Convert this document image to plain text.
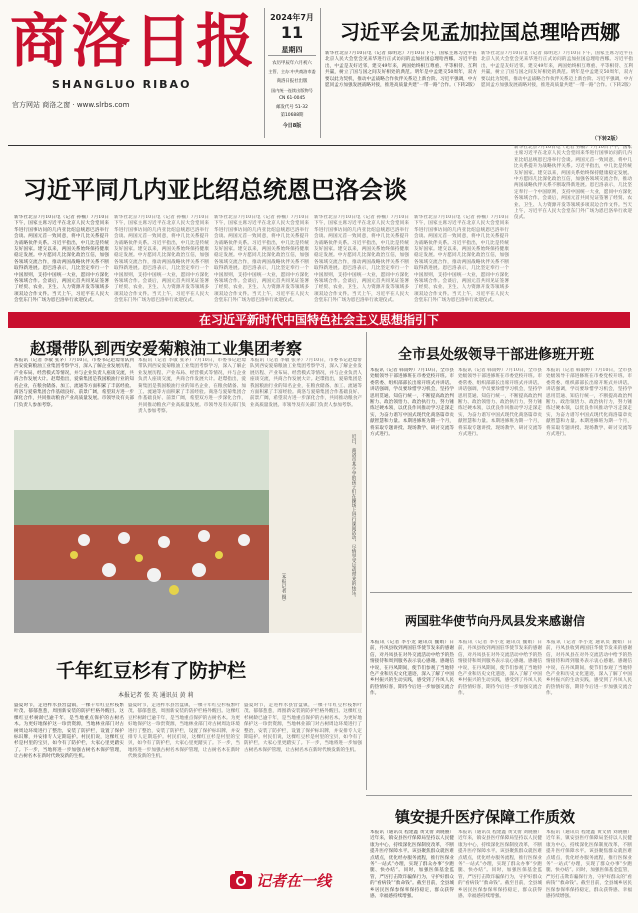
商洛日报
SHANGLUO RIBAO
官方网站 商洛之窗 · www.slrbs.com
2024年7月
11
星期四
农历甲辰年六月初六
主管、主办:中共商洛市委
商洛日报社出版
国内统一连续出版物号
CN 61-0045
邮发代号 51-32
第10688期
今日8版
习近平会见孟加拉国总理哈西娜
新华社北京7月10日电（记者 郑明达）7月10日下午，国家主席习近平在北京人民大会堂会见来华进行正式访问的孟加拉国总理哈西娜。习近平指出，中孟是友好近邻，建交49年来，两国始终相互尊重、平等相待、互利共赢，树立了国与国之间友好相处的典范。明年是中孟建交50周年，双方要以此为契机，推动中孟战略合作伙伴关系迈上新台阶。习近平强调，中方愿同孟方加强发展战略对接，推进高质量共建“一带一路”合作。（下转2版）
新华社北京7月10日电（记者 郑明达）7月10日下午，国家主席习近平在北京人民大会堂会见来华进行正式访问的孟加拉国总理哈西娜。习近平指出，中孟是友好近邻，建交49年来，两国始终相互尊重、平等相待、互利共赢，树立了国与国之间友好相处的典范。明年是中孟建交50周年，双方要以此为契机，推动中孟战略合作伙伴关系迈上新台阶。习近平强调，中方愿同孟方加强发展战略对接，推进高质量共建“一带一路”合作。（下转2版）
（下转2版）
习近平同几内亚比绍总统恩巴洛会谈
新华社北京7月10日电（记者 孙楠）7月10日下午，国家主席习近平在北京人民大会堂同来华进行国事访问的几内亚比绍总统恩巴洛举行会谈。两国元首一致同意，将中几比关系提升为战略伙伴关系。习近平指出，中几比是传统友好国家。建交以来，两国关系始终保持健康稳定发展。中方愿同几比深化政治互信，加强各领域交流合作，推动两国战略伙伴关系不断取得新进展。恩巴洛表示，几比坚定奉行一个中国原则，支持中国统一大业，愿同中方深化各领域合作。会谈后，两国元首共同见证签署了经贸、农业、卫生、人力资源开发等领域多项双边合作文件。当天上午，习近平在人民大会堂东门外广场为恩巴洛举行欢迎仪式。
新华社北京7月10日电（记者 孙楠）7月10日下午，国家主席习近平在北京人民大会堂同来华进行国事访问的几内亚比绍总统恩巴洛举行会谈。两国元首一致同意，将中几比关系提升为战略伙伴关系。习近平指出，中几比是传统友好国家。建交以来，两国关系始终保持健康稳定发展。中方愿同几比深化政治互信，加强各领域交流合作，推动两国战略伙伴关系不断取得新进展。恩巴洛表示，几比坚定奉行一个中国原则，支持中国统一大业，愿同中方深化各领域合作。会谈后，两国元首共同见证签署了经贸、农业、卫生、人力资源开发等领域多项双边合作文件。当天上午，习近平在人民大会堂东门外广场为恩巴洛举行欢迎仪式。
新华社北京7月10日电（记者 孙楠）7月10日下午，国家主席习近平在北京人民大会堂同来华进行国事访问的几内亚比绍总统恩巴洛举行会谈。两国元首一致同意，将中几比关系提升为战略伙伴关系。习近平指出，中几比是传统友好国家。建交以来，两国关系始终保持健康稳定发展。中方愿同几比深化政治互信，加强各领域交流合作，推动两国战略伙伴关系不断取得新进展。恩巴洛表示，几比坚定奉行一个中国原则，支持中国统一大业，愿同中方深化各领域合作。会谈后，两国元首共同见证签署了经贸、农业、卫生、人力资源开发等领域多项双边合作文件。当天上午，习近平在人民大会堂东门外广场为恩巴洛举行欢迎仪式。
新华社北京7月10日电（记者 孙楠）7月10日下午，国家主席习近平在北京人民大会堂同来华进行国事访问的几内亚比绍总统恩巴洛举行会谈。两国元首一致同意，将中几比关系提升为战略伙伴关系。习近平指出，中几比是传统友好国家。建交以来，两国关系始终保持健康稳定发展。中方愿同几比深化政治互信，加强各领域交流合作，推动两国战略伙伴关系不断取得新进展。恩巴洛表示，几比坚定奉行一个中国原则，支持中国统一大业，愿同中方深化各领域合作。会谈后，两国元首共同见证签署了经贸、农业、卫生、人力资源开发等领域多项双边合作文件。当天上午，习近平在人民大会堂东门外广场为恩巴洛举行欢迎仪式。
新华社北京7月10日电（记者 孙楠）7月10日下午，国家主席习近平在北京人民大会堂同来华进行国事访问的几内亚比绍总统恩巴洛举行会谈。两国元首一致同意，将中几比关系提升为战略伙伴关系。习近平指出，中几比是传统友好国家。建交以来，两国关系始终保持健康稳定发展。中方愿同几比深化政治互信，加强各领域交流合作，推动两国战略伙伴关系不断取得新进展。恩巴洛表示，几比坚定奉行一个中国原则，支持中国统一大业，愿同中方深化各领域合作。会谈后，两国元首共同见证签署了经贸、农业、卫生、人力资源开发等领域多项双边合作文件。当天上午，习近平在人民大会堂东门外广场为恩巴洛举行欢迎仪式。
新华社北京7月10日电（记者 孙楠）7月10日下午，国家主席习近平在北京人民大会堂同来华进行国事访问的几内亚比绍总统恩巴洛举行会谈。两国元首一致同意，将中几比关系提升为战略伙伴关系。习近平指出，中几比是传统友好国家。建交以来，两国关系始终保持健康稳定发展。中方愿同几比深化政治互信，加强各领域交流合作，推动两国战略伙伴关系不断取得新进展。恩巴洛表示，几比坚定奉行一个中国原则，支持中国统一大业，愿同中方深化各领域合作。会谈后，两国元首共同见证签署了经贸、农业、卫生、人力资源开发等领域多项双边合作文件。当天上午，习近平在人民大会堂东门外广场为恩巴洛举行欢迎仪式。
在习近平新时代中国特色社会主义思想指引下
赵璟带队到西安爱菊粮油工业集团考察
本报讯（记者 李敏 张茅）7月10日，市委书记赵璟带队到西安爱菊粮油工业集团考察学习，深入了解企业发展历程、产业布局、经营模式等情况，并与企业负责人座谈交流，共商合作发展大计。赵璟指出，爱菊集团是我国粮油行业的知名企业，在粮食储备、加工、流通等方面积累了丰富经验。商洛与爱菊集团合作基础良好、前景广阔，希望双方进一步深化合作，共同推动粮食产业高质量发展。市领导及有关部门负责人参加考察。
本报讯（记者 李敏 张茅）7月10日，市委书记赵璟带队到西安爱菊粮油工业集团考察学习，深入了解企业发展历程、产业布局、经营模式等情况，并与企业负责人座谈交流，共商合作发展大计。赵璟指出，爱菊集团是我国粮油行业的知名企业，在粮食储备、加工、流通等方面积累了丰富经验。商洛与爱菊集团合作基础良好、前景广阔，希望双方进一步深化合作，共同推动粮食产业高质量发展。市领导及有关部门负责人参加考察。
本报讯（记者 李敏 张茅）7月10日，市委书记赵璟带队到西安爱菊粮油工业集团考察学习，深入了解企业发展历程、产业布局、经营模式等情况，并与企业负责人座谈交流，共商合作发展大计。赵璟指出，爱菊集团是我国粮油行业的知名企业，在粮食储备、加工、流通等方面积累了丰富经验。商洛与爱菊集团合作基础良好、前景广阔，希望双方进一步深化合作，共同推动粮食产业高质量发展。市领导及有关部门负责人参加考察。
近日，商洛市某小学的孩子们在操场上进行课间活动，尽情享受运动带来的快乐。
（本报记者 摄）
全市县处级领导干部进修班开班
本报讯（记者 韩雨婷）7月10日，全市县处级领导干部进修班在市委党校开班。市委常委、组织部部长出席开班式并讲话。讲话强调，学员要珍惜学习机会，坚持学思用贯通、知信行统一，不断提高政治判断力、政治领悟力、政治执行力，努力锤炼过硬本领，以优良作风推动学习走深走实，为奋力谱写中国式现代化商洛篇章贡献智慧和力量。本期进修班为期一个月，将采取专题讲授、现场教学、研讨交流等方式进行。
本报讯（记者 韩雨婷）7月10日，全市县处级领导干部进修班在市委党校开班。市委常委、组织部部长出席开班式并讲话。讲话强调，学员要珍惜学习机会，坚持学思用贯通、知信行统一，不断提高政治判断力、政治领悟力、政治执行力，努力锤炼过硬本领，以优良作风推动学习走深走实，为奋力谱写中国式现代化商洛篇章贡献智慧和力量。本期进修班为期一个月，将采取专题讲授、现场教学、研讨交流等方式进行。
本报讯（记者 韩雨婷）7月10日，全市县处级领导干部进修班在市委党校开班。市委常委、组织部部长出席开班式并讲话。讲话强调，学员要珍惜学习机会，坚持学思用贯通、知信行统一，不断提高政治判断力、政治领悟力、政治执行力，努力锤炼过硬本领，以优良作风推动学习走深走实，为奋力谱写中国式现代化商洛篇章贡献智慧和力量。本期进修班为期一个月，将采取专题讲授、现场教学、研讨交流等方式进行。
两国驻华使节向丹凤县发来感谢信
本报讯（记者 李小龙 通讯员 魏娟）日前，丹凤县收到两国驻华使节发来的感谢信，对丹凤县在对外交流活动中给予的热情接待和周到服务表示衷心感谢。感谢信中说，在丹凤期间，使节们参观了当地特色产业和历史文化遗迹，深入了解了中国乡村振兴的生动实践，感受到了丹凤人民的热情好客，期待今后进一步加强交流合作。
本报讯（记者 李小龙 通讯员 魏娟）日前，丹凤县收到两国驻华使节发来的感谢信，对丹凤县在对外交流活动中给予的热情接待和周到服务表示衷心感谢。感谢信中说，在丹凤期间，使节们参观了当地特色产业和历史文化遗迹，深入了解了中国乡村振兴的生动实践，感受到了丹凤人民的热情好客，期待今后进一步加强交流合作。
本报讯（记者 李小龙 通讯员 魏娟）日前，丹凤县收到两国驻华使节发来的感谢信，对丹凤县在对外交流活动中给予的热情接待和周到服务表示衷心感谢。感谢信中说，在丹凤期间，使节们参观了当地特色产业和历史文化遗迹，深入了解了中国乡村振兴的生动实践，感受到了丹凤人民的热情好客，期待今后进一步加强交流合作。
千年红豆杉有了防护栏
本报记者 张 英 通讯员 黄 莉
盛夏时节，走进柞水县营盘镇，一棵千年红豆杉枝繁叶茂、郁郁葱葱，周围新安装的防护栏格外醒目。这棵红豆杉树龄已逾千年，是当地重点保护的古树名木。为更好地保护这一珍贵资源，当地林业部门对古树周边环境进行了整治，安装了防护栏，设置了保护标识牌，并安排专人定期巡护。村民们说，这棵红豆杉是村里的宝贝，如今有了防护栏，大家心里更踏实了。下一步，当地将进一步加强古树名木保护管理，让古树名木在新时代焕发新的生机。
盛夏时节，走进柞水县营盘镇，一棵千年红豆杉枝繁叶茂、郁郁葱葱，周围新安装的防护栏格外醒目。这棵红豆杉树龄已逾千年，是当地重点保护的古树名木。为更好地保护这一珍贵资源，当地林业部门对古树周边环境进行了整治，安装了防护栏，设置了保护标识牌，并安排专人定期巡护。村民们说，这棵红豆杉是村里的宝贝，如今有了防护栏，大家心里更踏实了。下一步，当地将进一步加强古树名木保护管理，让古树名木在新时代焕发新的生机。
盛夏时节，走进柞水县营盘镇，一棵千年红豆杉枝繁叶茂、郁郁葱葱，周围新安装的防护栏格外醒目。这棵红豆杉树龄已逾千年，是当地重点保护的古树名木。为更好地保护这一珍贵资源，当地林业部门对古树周边环境进行了整治，安装了防护栏，设置了保护标识牌，并安排专人定期巡护。村民们说，这棵红豆杉是村里的宝贝，如今有了防护栏，大家心里更踏实了。下一步，当地将进一步加强古树名木保护管理，让古树名木在新时代焕发新的生机。
记者在一线
镇安提升医疗保障工作质效
本报讯（通讯员 程建鑫 黄文倩 刘晓丽）近年来，镇安县医疗保障局坚持以人民健康为中心，持续深化医保制度改革，不断提升医疗保障水平。该县聚焦群众就医难点堵点，优化经办服务流程，推行医保业务“一站式”办理，实现了群众办事“少跑腿、快办结”。同时，加强医保基金监管，严厉打击欺诈骗保行为，守护好群众的“看病钱”“救命钱”。截至目前，全县城乡居民医保参保率保持稳定，群众获得感、幸福感持续增强。
本报讯（通讯员 程建鑫 黄文倩 刘晓丽）近年来，镇安县医疗保障局坚持以人民健康为中心，持续深化医保制度改革，不断提升医疗保障水平。该县聚焦群众就医难点堵点，优化经办服务流程，推行医保业务“一站式”办理，实现了群众办事“少跑腿、快办结”。同时，加强医保基金监管，严厉打击欺诈骗保行为，守护好群众的“看病钱”“救命钱”。截至目前，全县城乡居民医保参保率保持稳定，群众获得感、幸福感持续增强。
本报讯（通讯员 程建鑫 黄文倩 刘晓丽）近年来，镇安县医疗保障局坚持以人民健康为中心，持续深化医保制度改革，不断提升医疗保障水平。该县聚焦群众就医难点堵点，优化经办服务流程，推行医保业务“一站式”办理，实现了群众办事“少跑腿、快办结”。同时，加强医保基金监管，严厉打击欺诈骗保行为，守护好群众的“看病钱”“救命钱”。截至目前，全县城乡居民医保参保率保持稳定，群众获得感、幸福感持续增强。
